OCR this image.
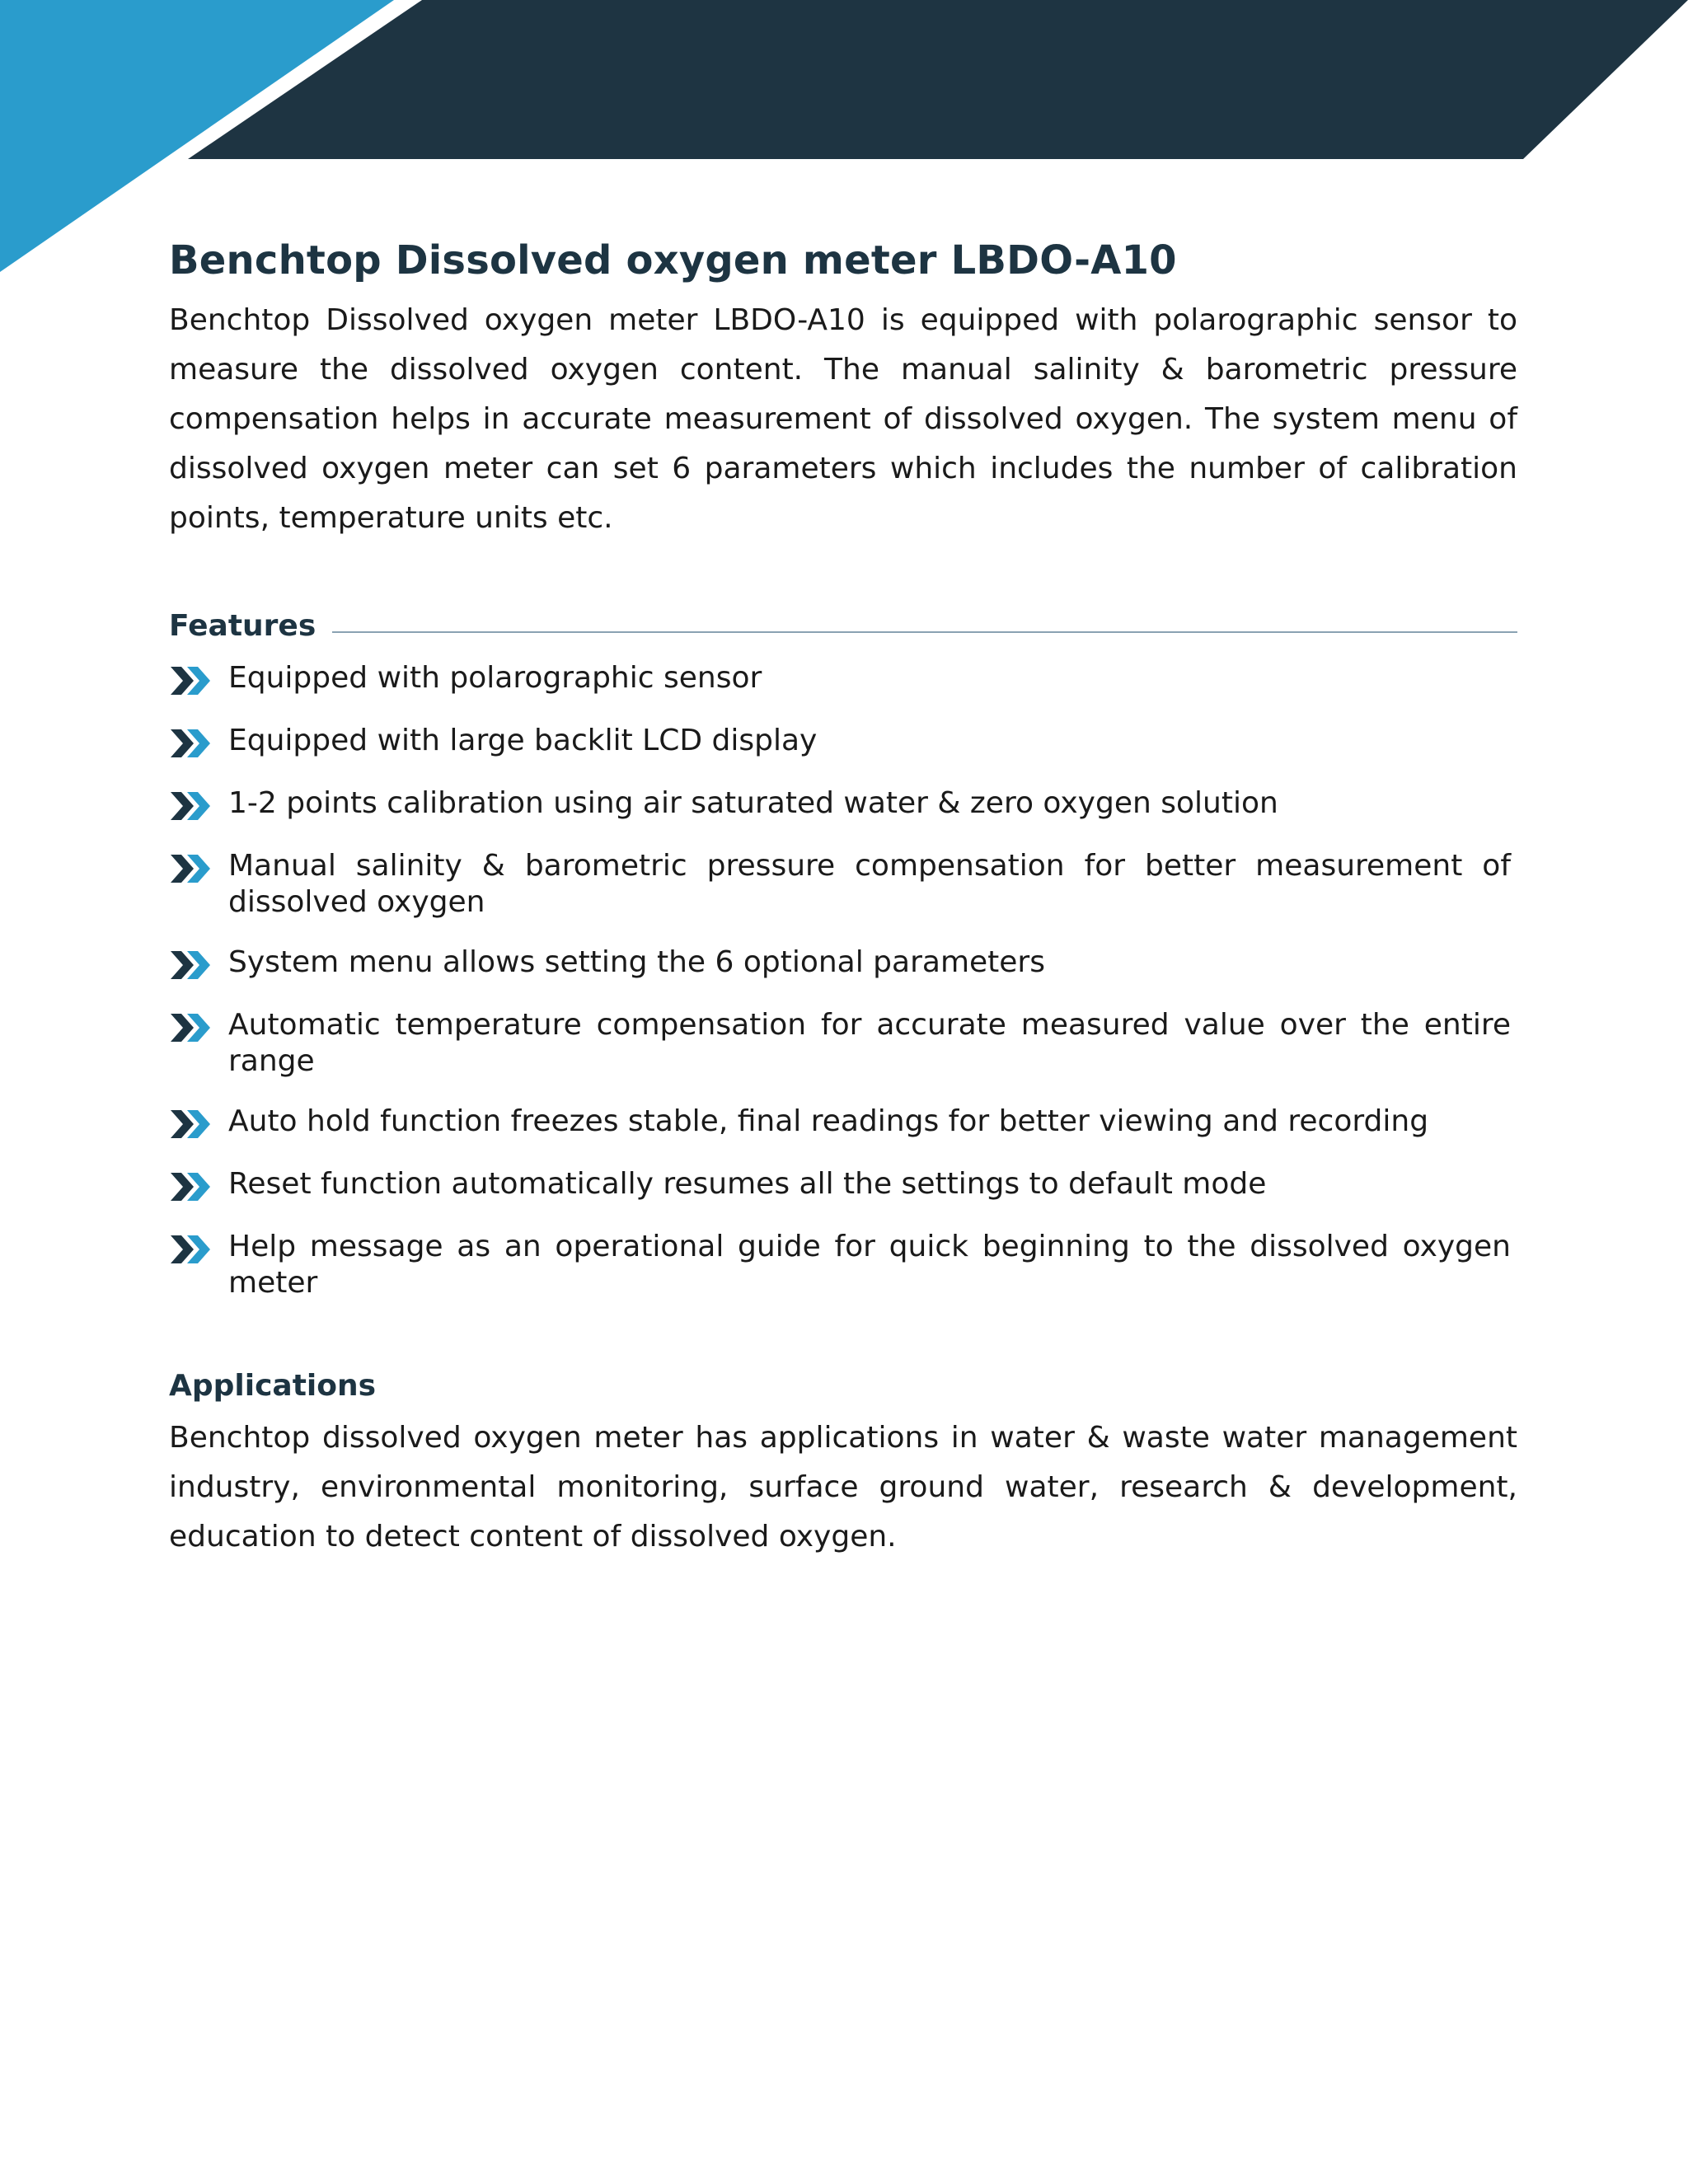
Benchtop Dissolved oxygen meter LBDO-A10

Benchtop Dissolved oxygen meter LBDO-A10 is equipped with polarographic sensor to measure the dissolved oxygen content. The manual salinity & barometric pressure compensation helps in accurate measurement of dissolved oxygen. The system menu of dissolved oxygen meter can set 6 parameters which includes the number of calibration points, temperature units etc.

Features
Equipped with polarographic sensor
Equipped with large backlit LCD display
1-2 points calibration using air saturated water & zero oxygen solution
Manual salinity & barometric pressure compensation for better measurement of dissolved oxygen
System menu allows setting the 6 optional parameters
Automatic temperature compensation for accurate measured value over the entire range
Auto hold function freezes stable, final readings for better viewing and recording
Reset function automatically resumes all the settings to default mode
Help message as an operational guide for quick beginning to the dissolved oxygen meter
Applications

Benchtop dissolved oxygen meter has applications in water & waste water management industry, environmental monitoring, surface ground water, research & development, education to detect content of dissolved oxygen.
